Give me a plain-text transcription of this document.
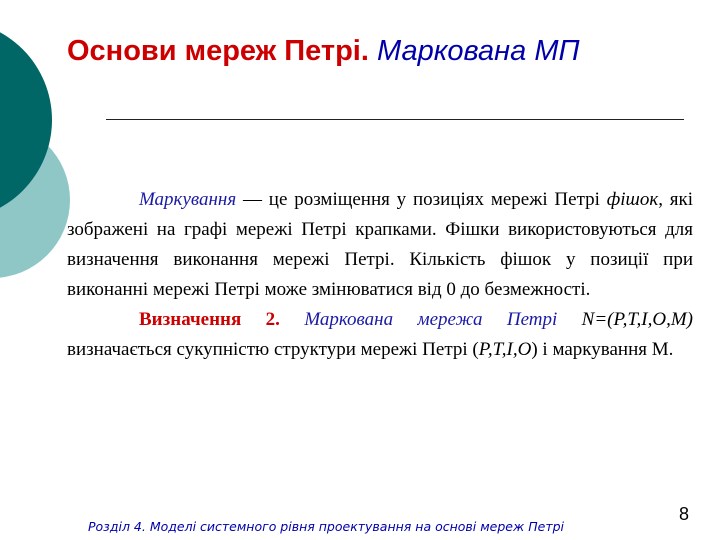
Основи мереж Петрі. Маркована МП

Маркування — це розміщення у позиціях мережі Петрі фішок, які зображені на графі мережі Петрі крапками. Фішки використовуються для визначення виконання мережі Петрі. Кількість фішок у позиції при виконанні мережі Петрі може змінюватися від 0 до безмежності.

Визначення 2. Маркована мережа Петрі N=(P,T,I,O,M) визначається сукупністю структури мережі Петрі (P,T,I,O) і маркування М.

Розділ 4. Моделі системного рівня проектування на основі мереж Петрі
8
